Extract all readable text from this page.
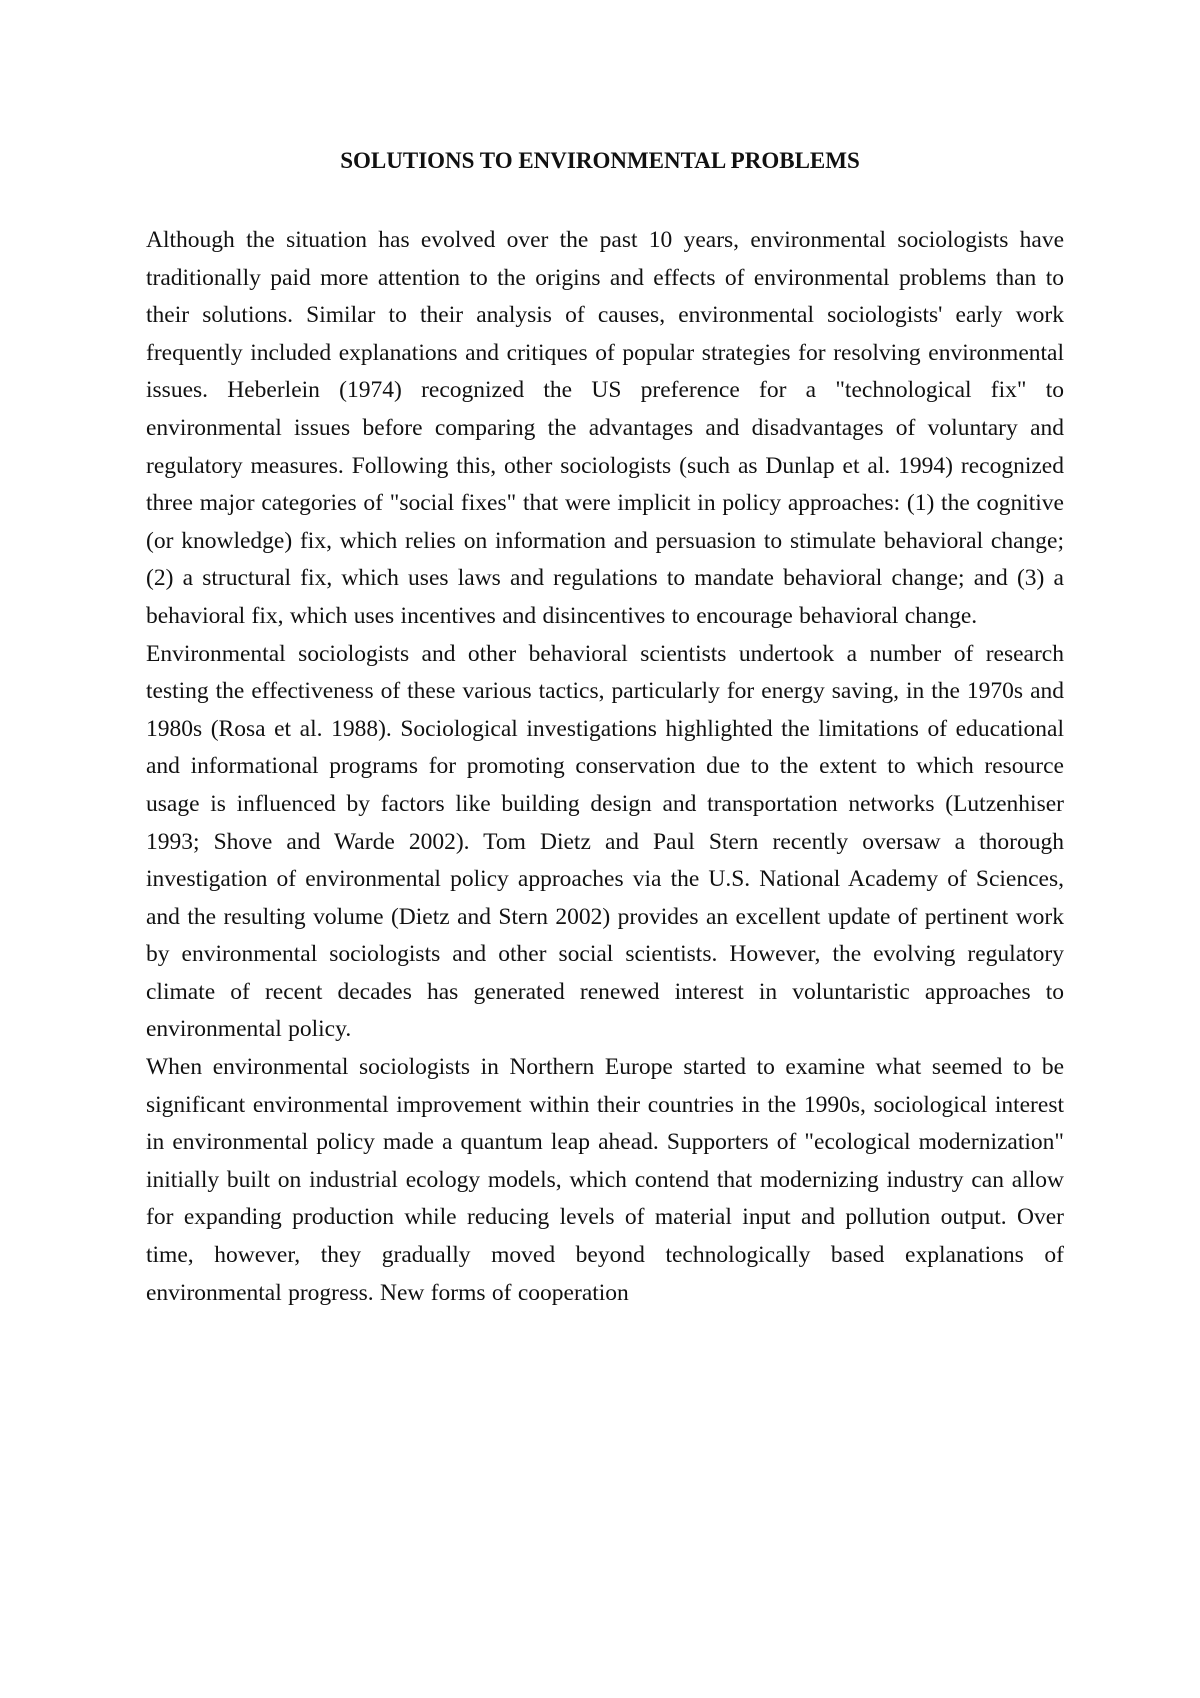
SOLUTIONS TO ENVIRONMENTAL PROBLEMS

Although the situation has evolved over the past 10 years, environmental sociologists have traditionally paid more attention to the origins and effects of environmental problems than to their solutions. Similar to their analysis of causes, environmental sociologists' early work frequently included explanations and critiques of popular strategies for resolving environmental issues. Heberlein (1974) recognized the US preference for a "technological fix" to environmental issues before comparing the advantages and disadvantages of voluntary and regulatory measures. Following this, other sociologists (such as Dunlap et al. 1994) recognized three major categories of "social fixes" that were implicit in policy approaches: (1) the cognitive (or knowledge) fix, which relies on information and persuasion to stimulate behavioral change; (2) a structural fix, which uses laws and regulations to mandate behavioral change; and (3) a behavioral fix, which uses incentives and disincentives to encourage behavioral change.

Environmental sociologists and other behavioral scientists undertook a number of research testing the effectiveness of these various tactics, particularly for energy saving, in the 1970s and 1980s (Rosa et al. 1988). Sociological investigations highlighted the limitations of educational and informational programs for promoting conservation due to the extent to which resource usage is influenced by factors like building design and transportation networks (Lutzenhiser 1993; Shove and Warde 2002). Tom Dietz and Paul Stern recently oversaw a thorough investigation of environmental policy approaches via the U.S. National Academy of Sciences, and the resulting volume (Dietz and Stern 2002) provides an excellent update of pertinent work by environmental sociologists and other social scientists. However, the evolving regulatory climate of recent decades has generated renewed interest in voluntaristic approaches to environmental policy.

When environmental sociologists in Northern Europe started to examine what seemed to be significant environmental improvement within their countries in the 1990s, sociological interest in environmental policy made a quantum leap ahead. Supporters of "ecological modernization" initially built on industrial ecology models, which contend that modernizing industry can allow for expanding production while reducing levels of material input and pollution output. Over time, however, they gradually moved beyond technologically based explanations of environmental progress. New forms of cooperation
